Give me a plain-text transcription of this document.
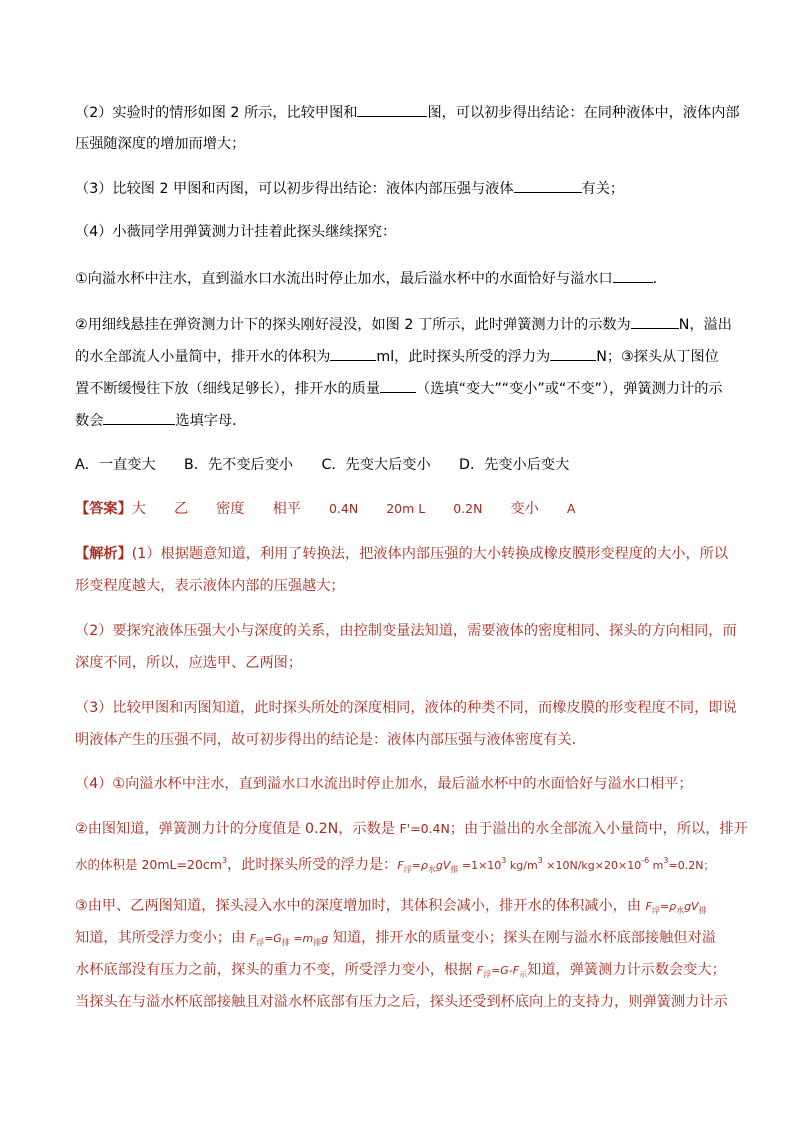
（2）实验时的情形如图 2 所示，比较甲图和	图，可以初步得出结论：在同种液体中，液体内部
压强随深度的增加而增大；
（3）比较图 2 甲图和丙图，可以初步得出结论：液体内部压强与液体	有关；
（4）小薇同学用弹簧测力计挂着此探头继续探究：
①向溢水杯中注水，直到溢水口水流出时停止加水，最后溢水杯中的水面恰好与溢水口	.
②用细线悬挂在弹资测力计下的探头刚好浸没，如图 2 丁所示，此时弹簧测力计的示数为	N，溢出
的水全部流人小量简中，排开水的体积为	ml，此时探头所受的浮力为	N；③探头从丁图位
置不断缓慢往下放（细线足够长），排开水的质量	（选填“变大”“变小”或“不变”），弹簧测力计的示
数会	选填字母．
A．一直变大　　B．先不变后变小　　C．先变大后变小　　D．先变小后变大
【答案】大 乙 密度 相平 0.4N 20m L 0.2N 变小 A
【解析】(1）根据题意知道，利用了转换法，把液体内部压强的大小转换成橡皮膜形变程度的大小，所以
形变程度越大，表示液体内部的压强越大；
（2）要探究液体压强大小与深度的关系，由控制变量法知道，需要液体的密度相同、探头的方向相同，而
深度不同，所以，应选甲、乙两图；
（3）比较甲图和丙图知道，此时探头所处的深度相同，液体的种类不同，而橡皮膜的形变程度不同，即说
明液体产生的压强不同，故可初步得出的结论是：液体内部压强与液体密度有关．
（4）①向溢水杯中注水，直到溢水口水流出时停止加水，最后溢水杯中的水面恰好与溢水口相平；
②由图知道，弹簧测力计的分度值是 0.2N，示数是 F'=0.4N；由于溢出的水全部流入小量筒中，所以，排开
水的体积是 $20mL=20cm^3$，此时探头所受的浮力是：$F_浮=\rho_水gV_排 =1\times 10^3$ $kg/m^3 \times 10N/kg\times 20\times 10^{-6}$ $m^3=0.2N$；
③由甲、乙两图知道，探头浸入水中的深度增加时，其体积会减小，排开水的体积减小，由 $F_浮=\rho_水gV_排$
知道，其所受浮力变小；由 $F_浮=G_排 =m_排g$ 知道，排开水的质量变小；探头在刚与溢水杯底部接触但对溢
水杯底部没有压力之前，探头的重力不变，所受浮力变小，根据 $F_浮=G-F_示$知道，弹簧测力计示数会变大；
当探头在与溢水杯底部接触且对溢水杯底部有压力之后，探头还受到杯底向上的支持力，则弹簧测力计示
